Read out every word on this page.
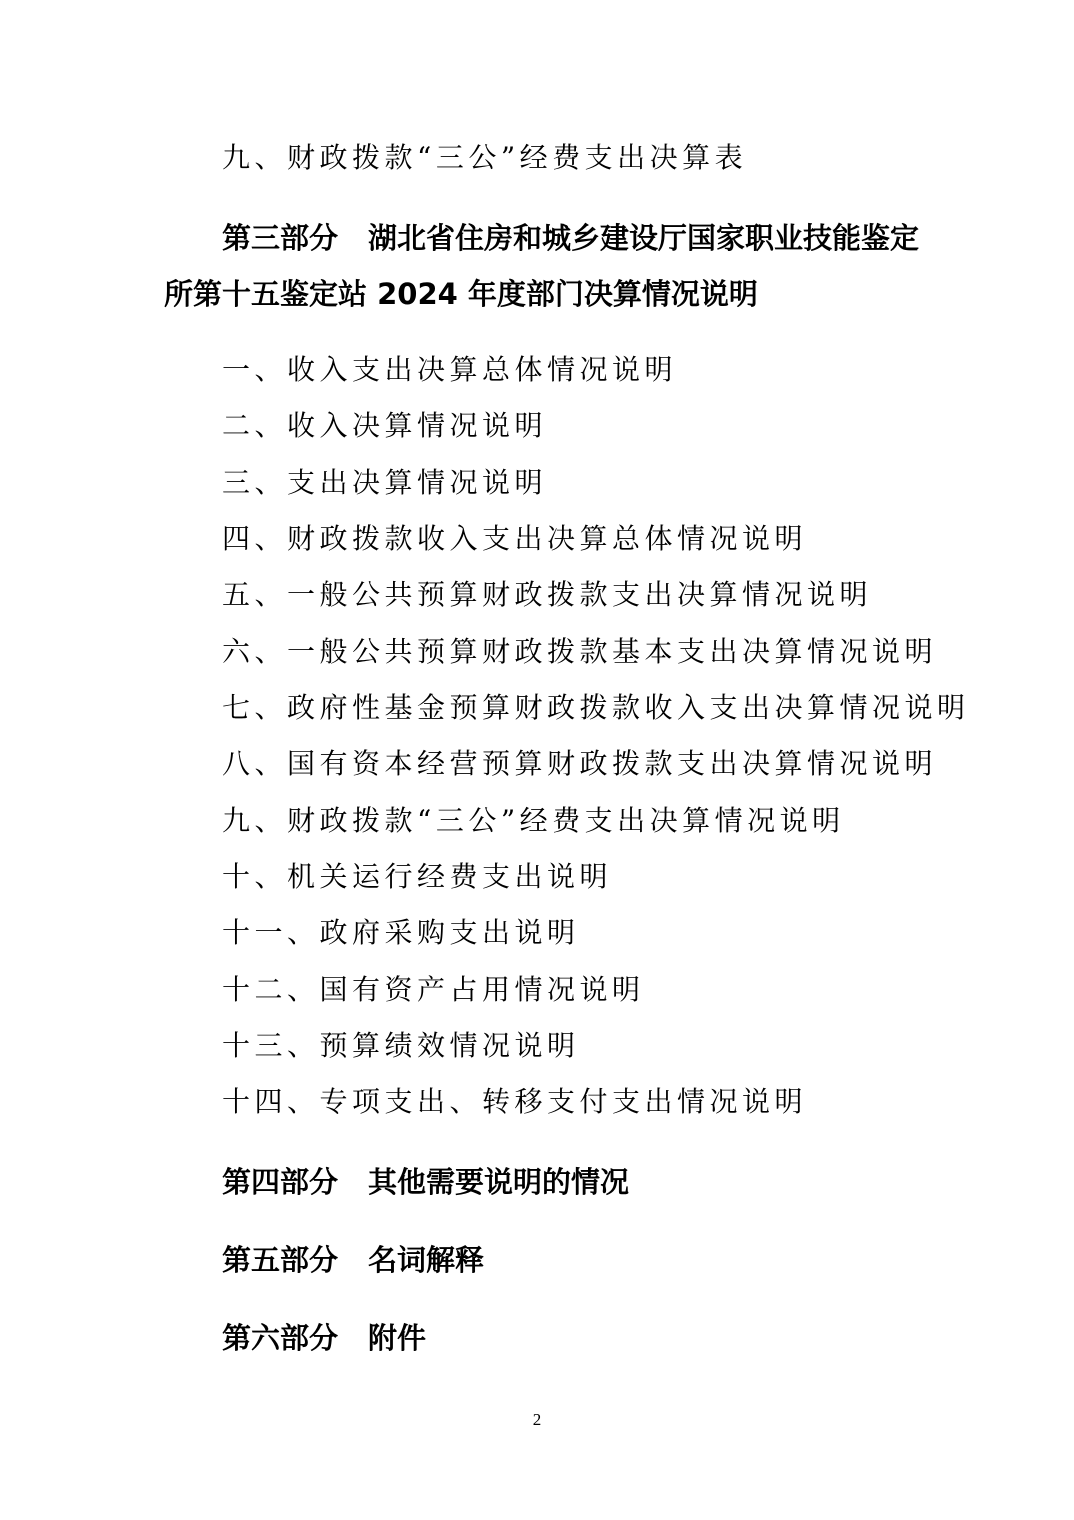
九、财政拨款“三公”经费支出决算表
第三部分 湖北省住房和城乡建设厅国家职业技能鉴定
所第十五鉴定站 2024 年度部门决算情况说明
一、收入支出决算总体情况说明
二、收入决算情况说明
三、支出决算情况说明
四、财政拨款收入支出决算总体情况说明
五、一般公共预算财政拨款支出决算情况说明
六、一般公共预算财政拨款基本支出决算情况说明
七、政府性基金预算财政拨款收入支出决算情况说明
八、国有资本经营预算财政拨款支出决算情况说明
九、财政拨款“三公”经费支出决算情况说明
十、机关运行经费支出说明
十一、政府采购支出说明
十二、国有资产占用情况说明
十三、预算绩效情况说明
十四、专项支出、转移支付支出情况说明
第四部分 其他需要说明的情况
第五部分 名词解释
第六部分 附件
2
